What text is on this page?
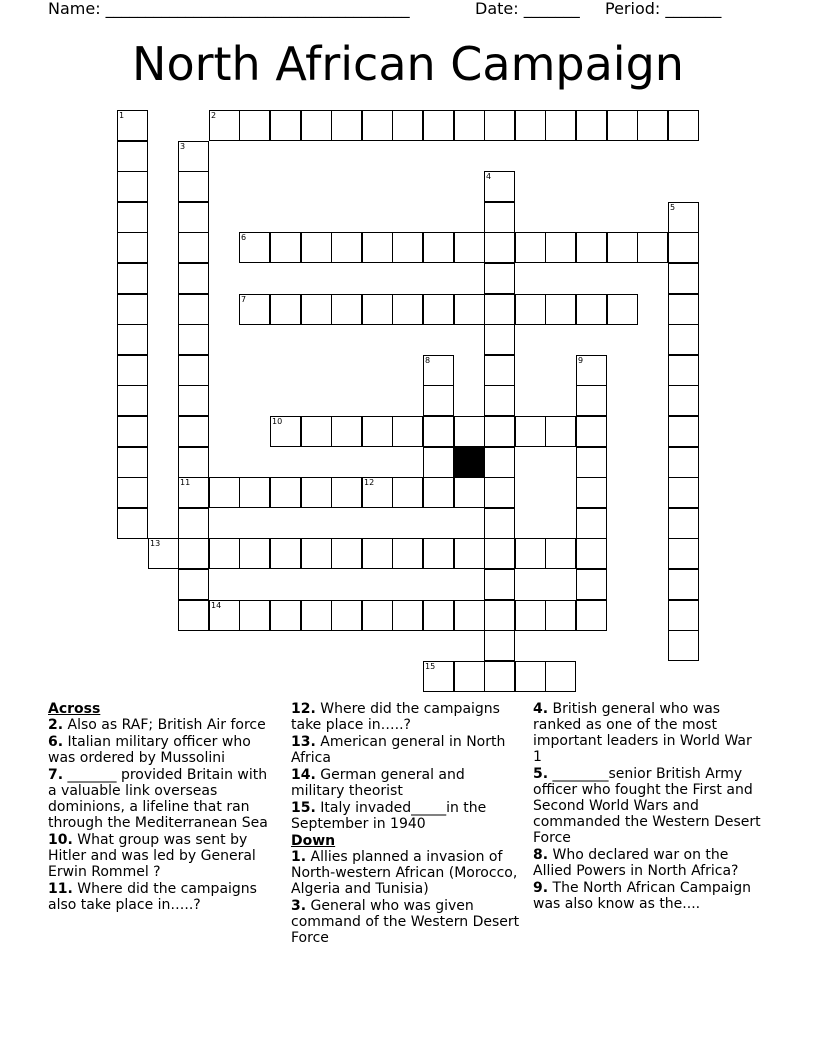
Name: ______________________________________	Date: _______ Period: _______
North African Campaign
1	2
3
11
4
5
6
7
8	9
10
12
13
14
15
Across
2. Also as RAF; British Air force
6. Italian military officer who was ordered by Mussolini
7. _______ provided Britain with a valuable link overseas dominions, a lifeline that ran through the Mediterranean Sea
10. What group was sent by Hitler and was led by General Erwin Rommel ?
11. Where did the campaigns also take place in…..?
12. Where did the campaigns take place in…..?
13. American general in North Africa
14. German general and military theorist
15. Italy invaded_____in the September in 1940
Down
1. Allies planned a invasion of North-western African (Morocco, Algeria and Tunisia)
3. General who was given command of the Western Desert Force
4. British general who was ranked as one of the most important leaders in World War 1
5. ________senior British Army officer who fought the First and Second World Wars and commanded the Western Desert Force
8. Who declared war on the Allied Powers in North Africa?
9. The North African Campaign was also know as the....
